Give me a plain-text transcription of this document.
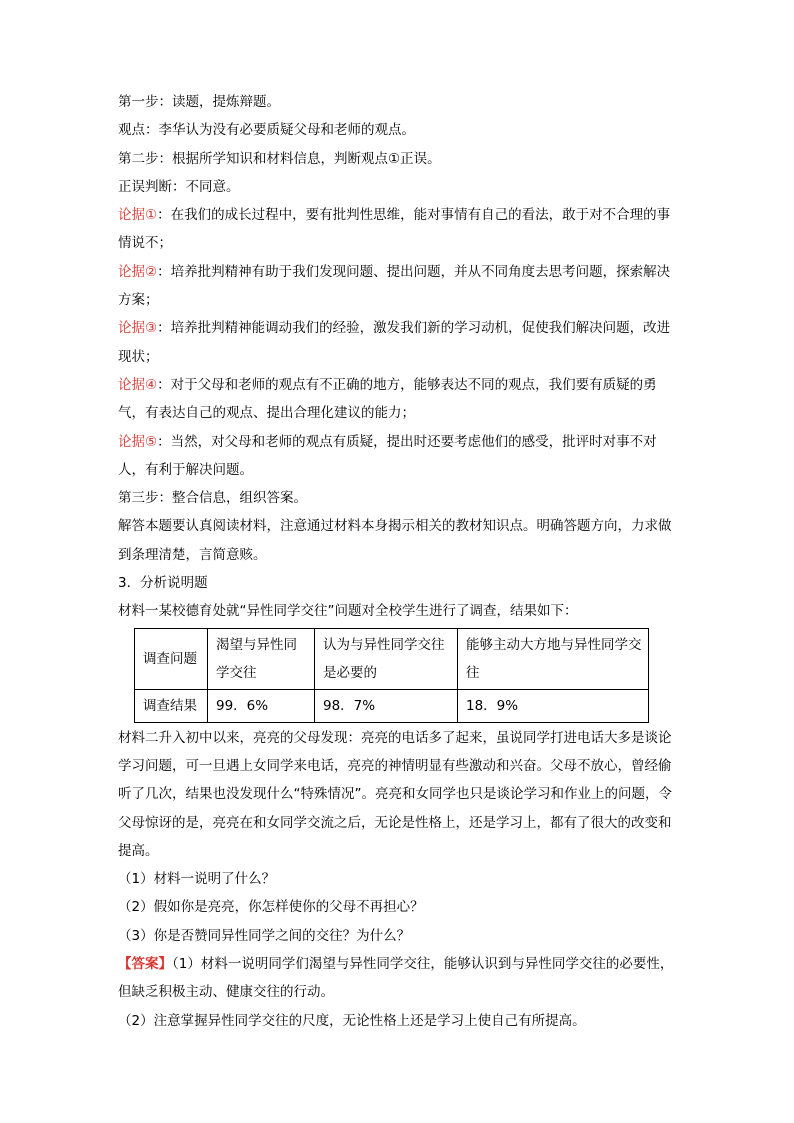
第一步：读题，提炼辩题。
观点：李华认为没有必要质疑父母和老师的观点。
第二步：根据所学知识和材料信息，判断观点①正误。
正误判断：不同意。
论据①：在我们的成长过程中，要有批判性思维，能对事情有自己的看法，敢于对不合理的事情说不；
论据②：培养批判精神有助于我们发现问题、提出问题，并从不同角度去思考问题，探索解决方案；
论据③：培养批判精神能调动我们的经验，激发我们新的学习动机，促使我们解决问题，改进现状；
论据④：对于父母和老师的观点有不正确的地方，能够表达不同的观点，我们要有质疑的勇气，有表达自己的观点、提出合理化建议的能力；
论据⑤：当然，对父母和老师的观点有质疑，提出时还要考虑他们的感受，批评时对事不对人，有利于解决问题。
第三步：整合信息，组织答案。
解答本题要认真阅读材料，注意通过材料本身揭示相关的教材知识点。明确答题方向，力求做到条理清楚，言简意赅。
3．分析说明题
材料一某校德育处就“异性同学交往”问题对全校学生进行了调查，结果如下：
调查问题	渴望与异性同学交往	认为与异性同学交往是必要的	能够主动大方地与异性同学交往
调查结果	99．6%	98．7%	18．9%
材料二升入初中以来，亮亮的父母发现：亮亮的电话多了起来，虽说同学打进电话大多是谈论学习问题，可一旦遇上女同学来电话，亮亮的神情明显有些激动和兴奋。父母不放心，曾经偷听了几次，结果也没发现什么“特殊情况”。亮亮和女同学也只是谈论学习和作业上的问题，令父母惊讶的是，亮亮在和女同学交流之后，无论是性格上，还是学习上，都有了很大的改变和提高。
（1）材料一说明了什么？
（2）假如你是亮亮，你怎样使你的父母不再担心？
（3）你是否赞同异性同学之间的交往？为什么？
【答案】（1）材料一说明同学们渴望与异性同学交往，能够认识到与异性同学交往的必要性，但缺乏积极主动、健康交往的行动。
（2）注意掌握异性同学交往的尺度，无论性格上还是学习上使自己有所提高。
